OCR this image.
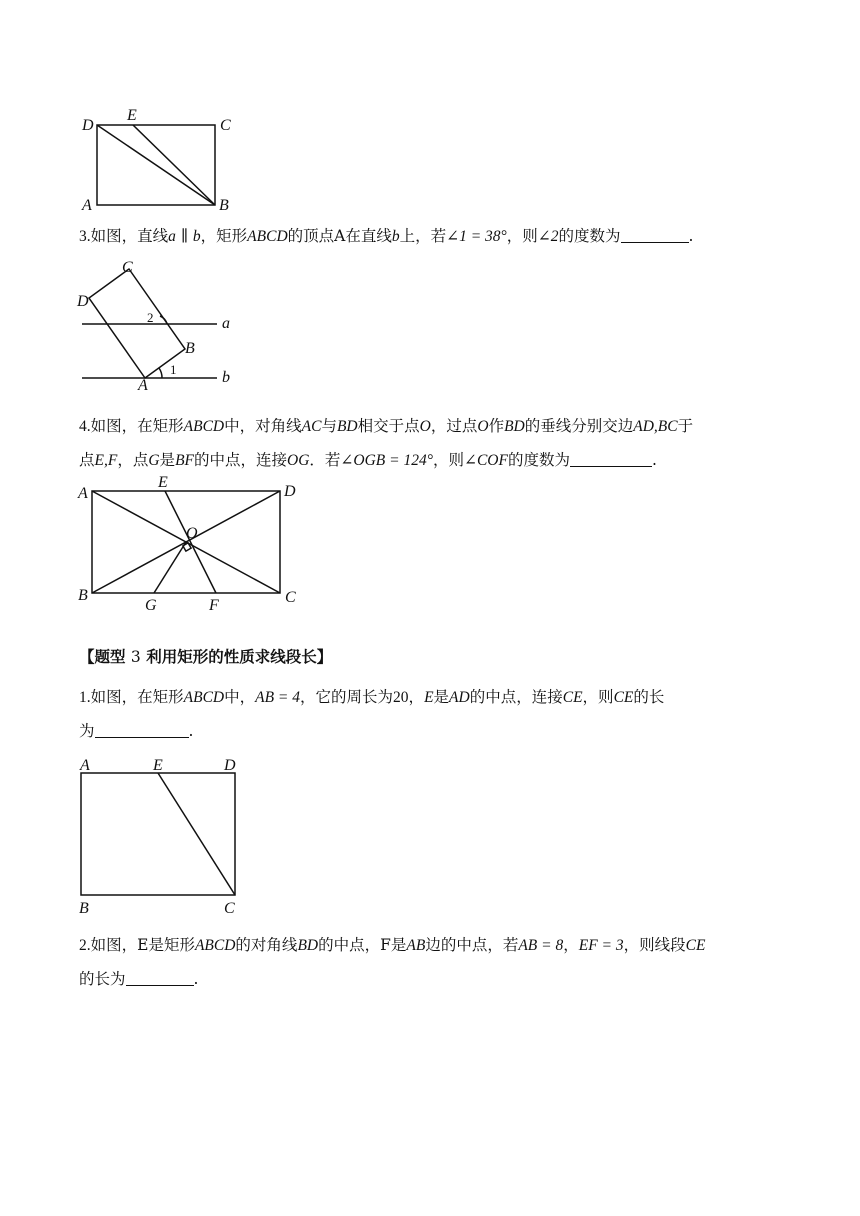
D
E
C
A	B
3.如图，直线a ∥ b，矩形ABCD的顶点A在直线b上，若∠1 = 38°，则∠2的度数为	.
C
D
B
A
a
b
1
2
4.如图，在矩形ABCD中，对角线AC与BD相交于点O，过点O作BD的垂线分别交边AD,BC于
点E,F，点G是BF的中点，连接OG．若∠OGB = 124°，则∠COF的度数为	.
A
E
D
O
B
G	F	C
【题型 3 利用矩形的性质求线段长】
1.如图，在矩形ABCD中，AB = 4，它的周长为20，E是AD的中点，连接CE，则CE的长
为	.
A	E	D
B	C
2.如图，E是矩形ABCD的对角线BD的中点，F是AB边的中点，若AB = 8，EF = 3，则线段CE
的长为	.
